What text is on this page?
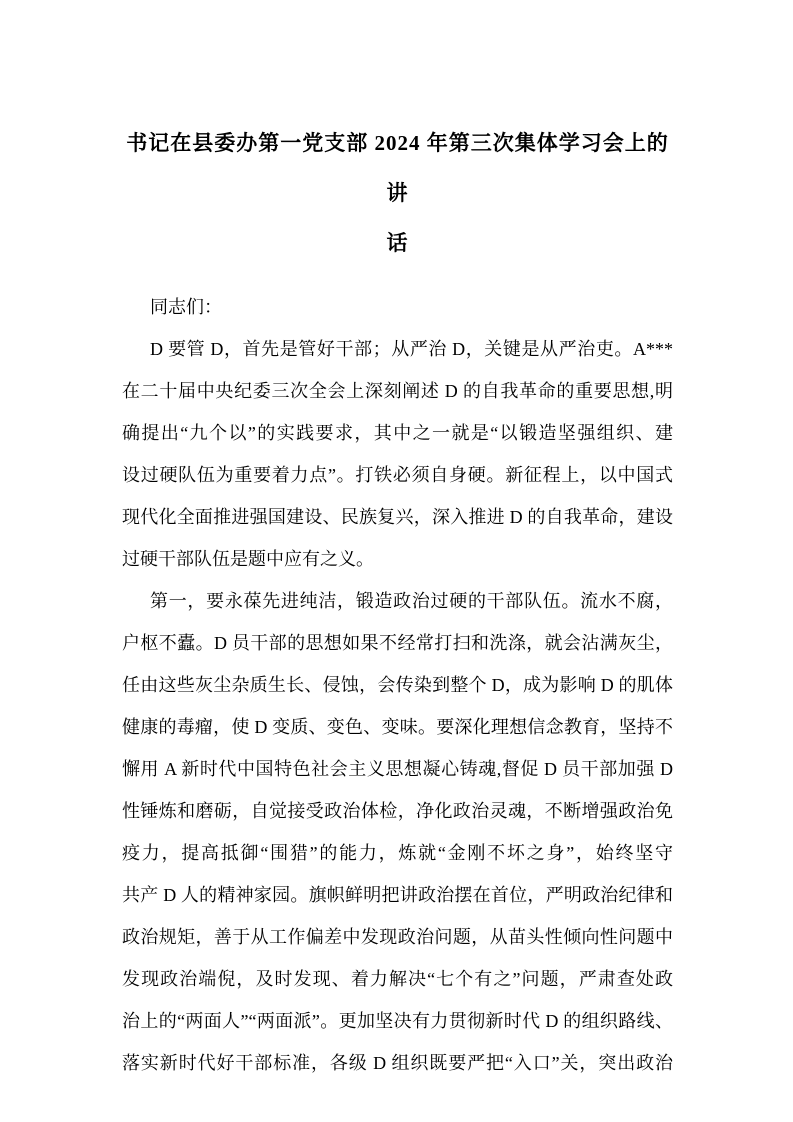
书记在县委办第一党支部 2024 年第三次集体学习会上的讲
话
同志们：
D 要管 D，首先是管好干部；从严治 D，关键是从严治吏。A***
在二十届中央纪委三次全会上深刻阐述 D 的自我革命的重要思想,明
确提出“九个以”的实践要求，其中之一就是“以锻造坚强组织、建
设过硬队伍为重要着力点”。打铁必须自身硬。新征程上，以中国式
现代化全面推进强国建设、民族复兴，深入推进 D 的自我革命，建设
过硬干部队伍是题中应有之义。
第一，要永葆先进纯洁，锻造政治过硬的干部队伍。流水不腐，
户枢不蠹。D 员干部的思想如果不经常打扫和洗涤，就会沾满灰尘，
任由这些灰尘杂质生长、侵蚀，会传染到整个 D，成为影响 D 的肌体
健康的毒瘤，使 D 变质、变色、变味。要深化理想信念教育，坚持不
懈用 A 新时代中国特色社会主义思想凝心铸魂,督促 D 员干部加强 D
性锤炼和磨砺，自觉接受政治体检，净化政治灵魂，不断增强政治免
疫力，提高抵御“围猎”的能力，炼就“金刚不坏之身”，始终坚守
共产 D 人的精神家园。旗帜鲜明把讲政治摆在首位，严明政治纪律和
政治规矩，善于从工作偏差中发现政治问题，从苗头性倾向性问题中
发现政治端倪，及时发现、着力解决“七个有之”问题，严肃查处政
治上的“两面人”“两面派”。更加坚决有力贯彻新时代 D 的组织路线、
落实新时代好干部标准，各级 D 组织既要严把“入口”关，突出政治
